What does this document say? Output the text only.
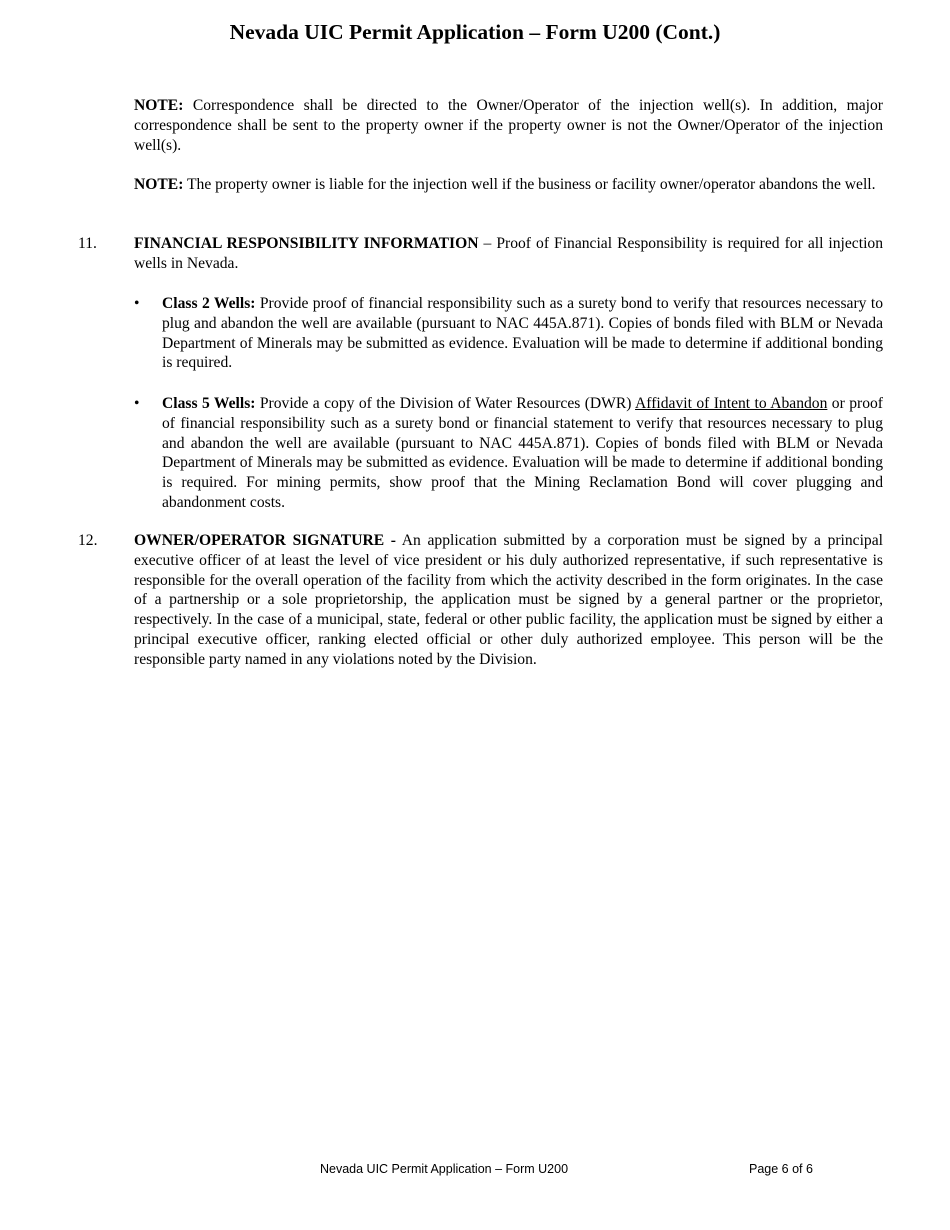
Nevada UIC Permit Application – Form U200 (Cont.)

NOTE: Correspondence shall be directed to the Owner/Operator of the injection well(s). In addition, major correspondence shall be sent to the property owner if the property owner is not the Owner/Operator of the injection well(s).

NOTE: The property owner is liable for the injection well if the business or facility owner/operator abandons the well.

11. FINANCIAL RESPONSIBILITY INFORMATION – Proof of Financial Responsibility is required for all injection wells in Nevada.

• Class 2 Wells: Provide proof of financial responsibility such as a surety bond to verify that resources necessary to plug and abandon the well are available (pursuant to NAC 445A.871). Copies of bonds filed with BLM or Nevada Department of Minerals may be submitted as evidence. Evaluation will be made to determine if additional bonding is required.

• Class 5 Wells: Provide a copy of the Division of Water Resources (DWR) Affidavit of Intent to Abandon or proof of financial responsibility such as a surety bond or financial statement to verify that resources necessary to plug and abandon the well are available (pursuant to NAC 445A.871). Copies of bonds filed with BLM or Nevada Department of Minerals may be submitted as evidence. Evaluation will be made to determine if additional bonding is required. For mining permits, show proof that the Mining Reclamation Bond will cover plugging and abandonment costs.

12. OWNER/OPERATOR SIGNATURE - An application submitted by a corporation must be signed by a principal executive officer of at least the level of vice president or his duly authorized representative, if such representative is responsible for the overall operation of the facility from which the activity described in the form originates. In the case of a partnership or a sole proprietorship, the application must be signed by a general partner or the proprietor, respectively. In the case of a municipal, state, federal or other public facility, the application must be signed by either a principal executive officer, ranking elected official or other duly authorized employee. This person will be the responsible party named in any violations noted by the Division.

Nevada UIC Permit Application – Form U200	Page 6 of 6
